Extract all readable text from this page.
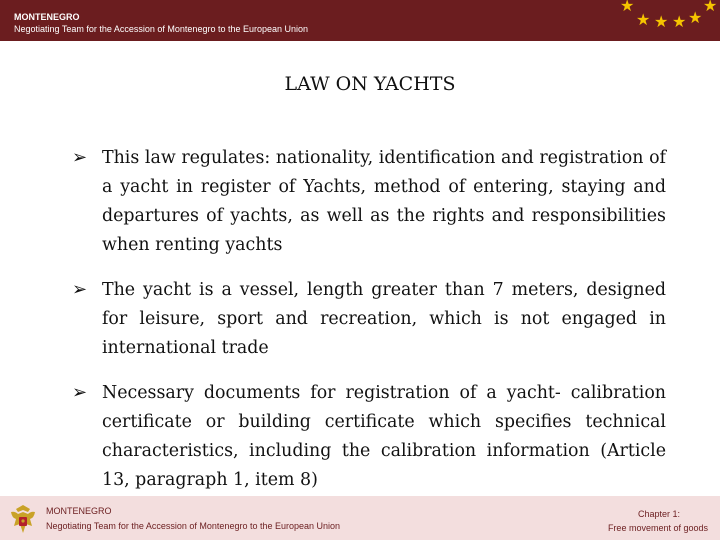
MONTENEGRO
Negotiating Team for the Accession of Montenegro to the European Union
★
★ ★ ★ ★
★
LAW ON YACHTS
➢ This law regulates: nationality, identification and registration of a yacht in register of Yachts, method of entering, staying and departures of yachts, as well as the rights and responsibilities when renting yachts
➢ The yacht is a vessel, length greater than 7 meters, designed for leisure, sport and recreation, which is not engaged in international trade
➢ Necessary documents for registration of a yacht- calibration certificate or building certificate which specifies technical characteristics, including the calibration information (Article 13, paragraph 1, item 8)
MONTENEGRO
Negotiating Team for the Accession of Montenegro to the European Union
Chapter 1:
Free movement of goods
